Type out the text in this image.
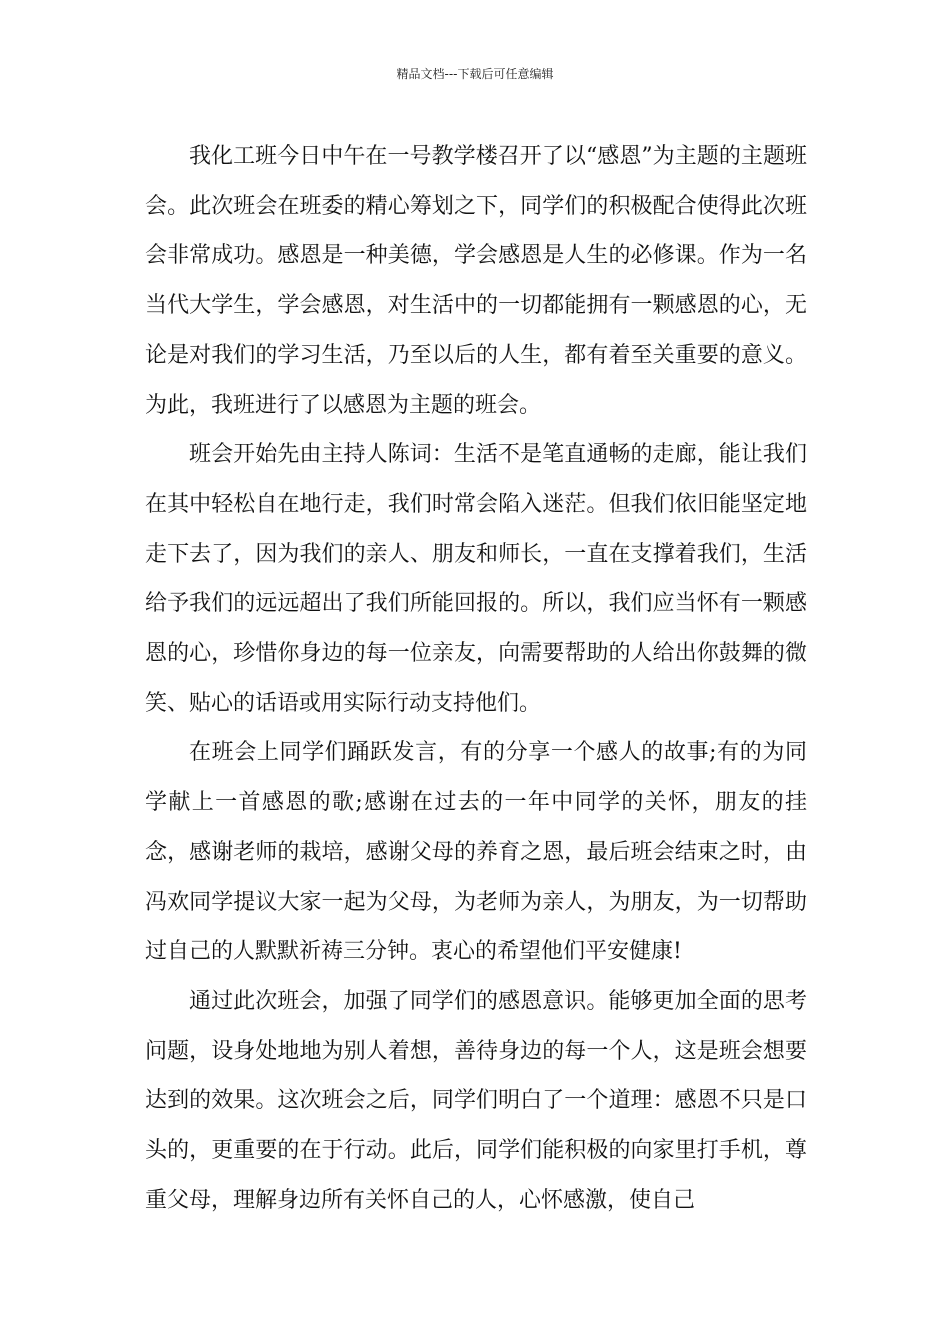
精品文档---下载后可任意编辑

我化工班今日中午在一号教学楼召开了以“感恩”为主题的主题班会。此次班会在班委的精心筹划之下，同学们的积极配合使得此次班会非常成功。感恩是一种美德，学会感恩是人生的必修课。作为一名当代大学生，学会感恩，对生活中的一切都能拥有一颗感恩的心，无论是对我们的学习生活，乃至以后的人生，都有着至关重要的意义。为此，我班进行了以感恩为主题的班会。

班会开始先由主持人陈词：生活不是笔直通畅的走廊，能让我们在其中轻松自在地行走，我们时常会陷入迷茫。但我们依旧能坚定地走下去了，因为我们的亲人、朋友和师长，一直在支撑着我们，生活给予我们的远远超出了我们所能回报的。所以，我们应当怀有一颗感恩的心，珍惜你身边的每一位亲友，向需要帮助的人给出你鼓舞的微笑、贴心的话语或用实际行动支持他们。

在班会上同学们踊跃发言，有的分享一个感人的故事;有的为同学献上一首感恩的歌;感谢在过去的一年中同学的关怀，朋友的挂念，感谢老师的栽培，感谢父母的养育之恩，最后班会结束之时，由冯欢同学提议大家一起为父母，为老师为亲人，为朋友，为一切帮助过自己的人默默祈祷三分钟。衷心的希望他们平安健康!

通过此次班会，加强了同学们的感恩意识。能够更加全面的思考问题，设身处地地为别人着想，善待身边的每一个人，这是班会想要达到的效果。这次班会之后，同学们明白了一个道理：感恩不只是口头的，更重要的在于行动。此后，同学们能积极的向家里打手机，尊重父母，理解身边所有关怀自己的人，心怀感激，使自己
